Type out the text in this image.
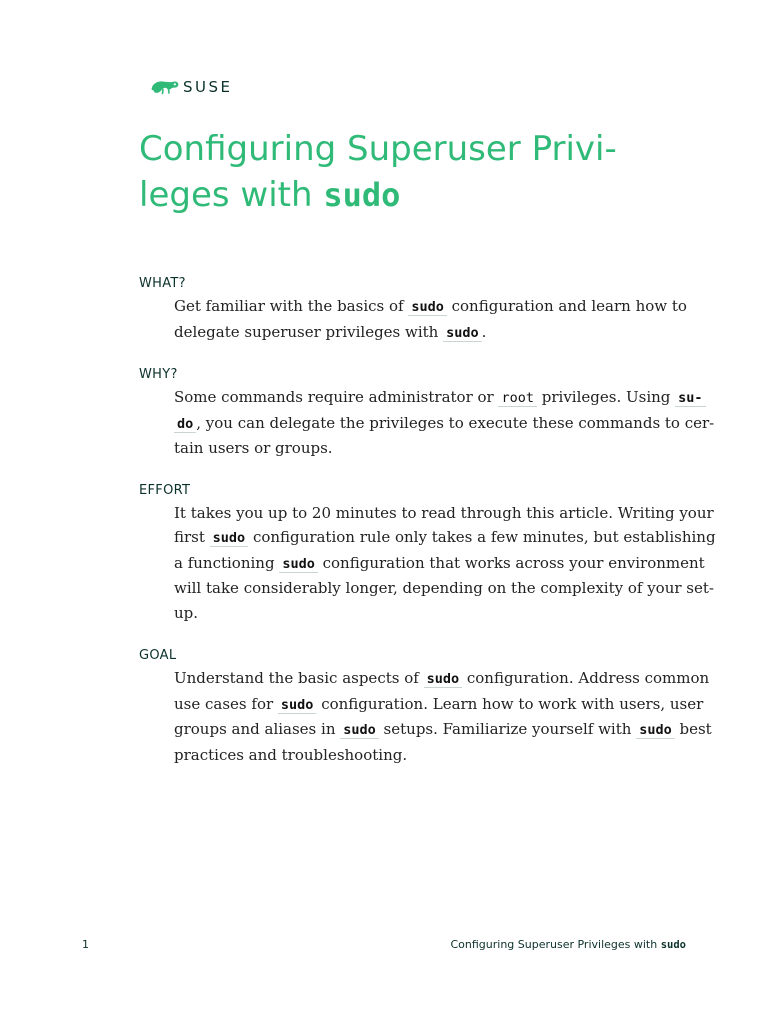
SUSE
Configuring Superuser Privi-
leges with sudo
WHAT?
Get familiar with the basics of sudo configuration and learn how to
delegate superuser privileges with sudo .
WHY?
Some commands require administrator or root privileges. Using su-
do , you can delegate the privileges to execute these commands to cer-
tain users or groups.
EFFORT
It takes you up to 20 minutes to read through this article. Writing your
first sudo configuration rule only takes a few minutes, but establishing
a functioning sudo configuration that works across your environment
will take considerably longer, depending on the complexity of your set-
up.
GOAL
Understand the basic aspects of sudo configuration. Address common
use cases for sudo configuration. Learn how to work with users, user
groups and aliases in sudo setups. Familiarize yourself with sudo best
practices and troubleshooting.
1	Configuring Superuser Privileges with sudo
